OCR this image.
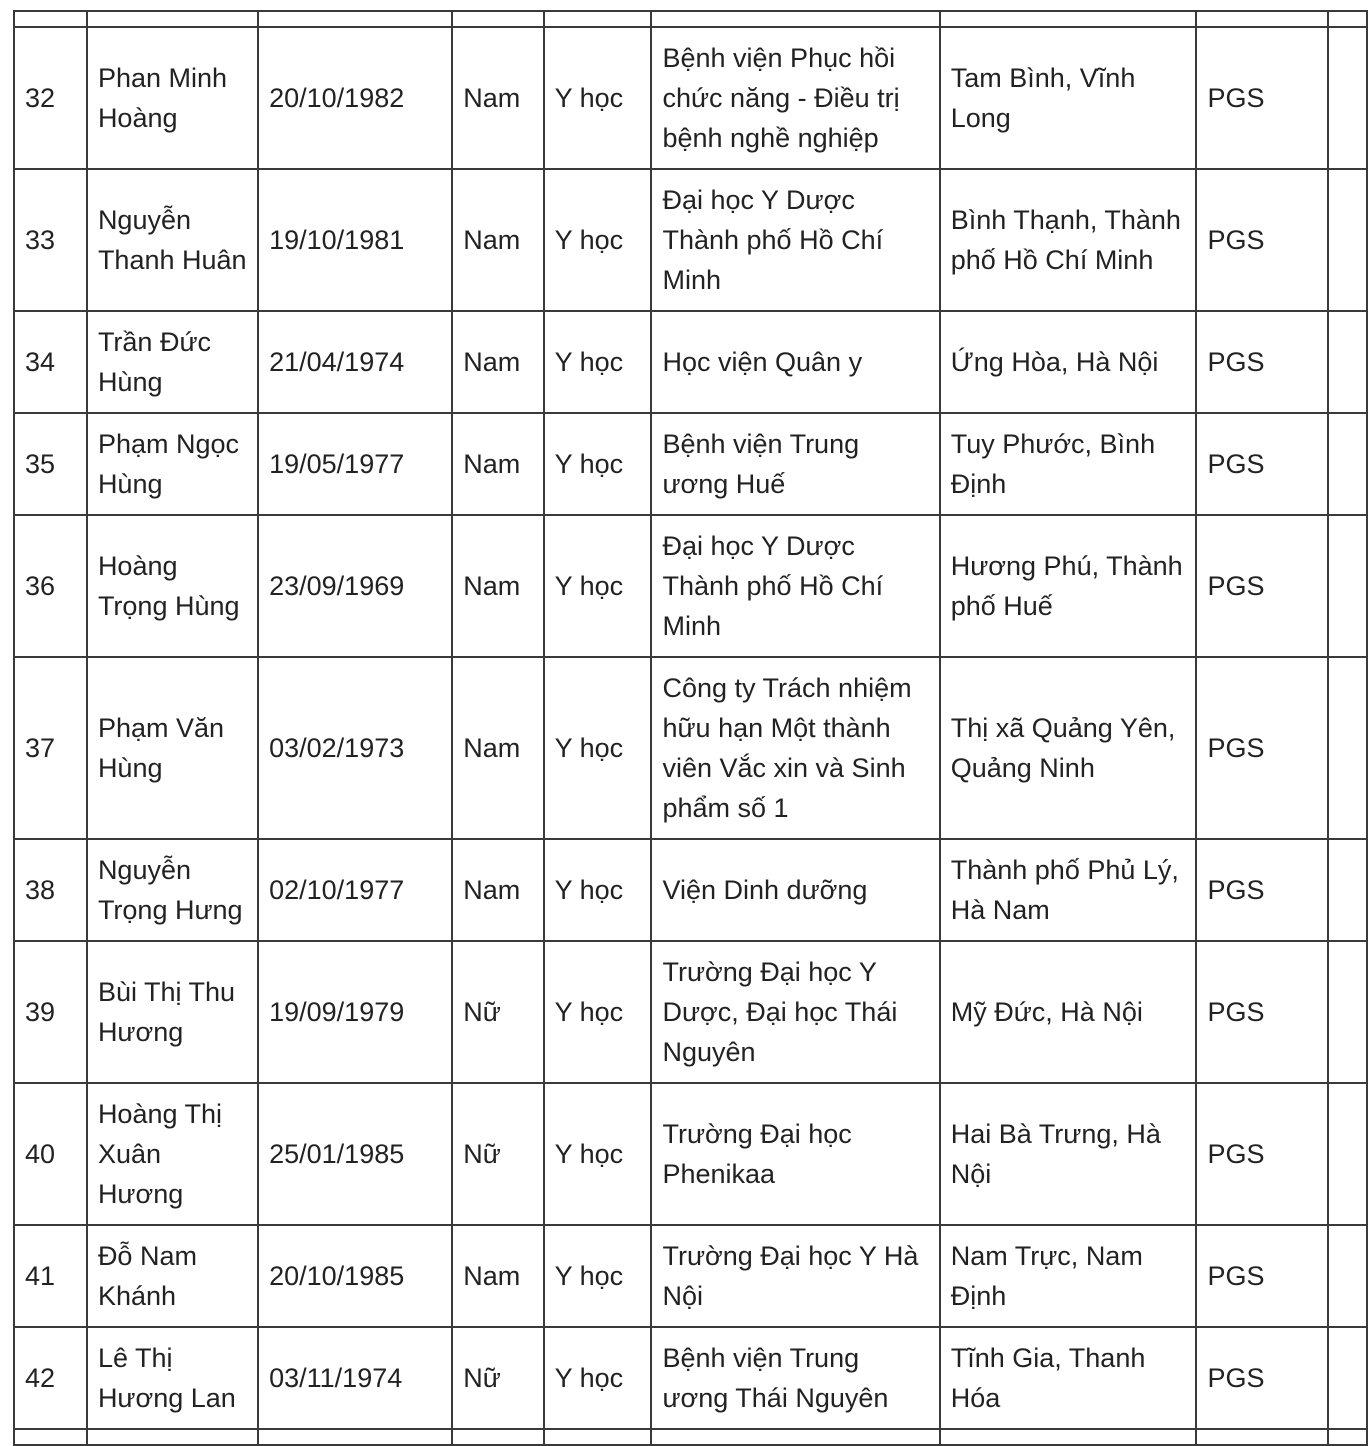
32	Phan Minh Hoàng	20/10/1982	Nam	Y học	Bệnh viện Phục hồi chức năng - Điều trị bệnh nghề nghiệp	Tam Bình, Vĩnh Long	PGS	
33	Nguyễn Thanh Huân	19/10/1981	Nam	Y học	Đại học Y Dược Thành phố Hồ Chí Minh	Bình Thạnh, Thành phố Hồ Chí Minh	PGS	
34	Trần Đức Hùng	21/04/1974	Nam	Y học	Học viện Quân y	Ứng Hòa, Hà Nội	PGS	
35	Phạm Ngọc Hùng	19/05/1977	Nam	Y học	Bệnh viện Trung ương Huế	Tuy Phước, Bình Định	PGS	
36	Hoàng Trọng Hùng	23/09/1969	Nam	Y học	Đại học Y Dược Thành phố Hồ Chí Minh	Hương Phú, Thành phố Huế	PGS	
37	Phạm Văn Hùng	03/02/1973	Nam	Y học	Công ty Trách nhiệm hữu hạn Một thành viên Vắc xin và Sinh phẩm số 1	Thị xã Quảng Yên, Quảng Ninh	PGS	
38	Nguyễn Trọng Hưng	02/10/1977	Nam	Y học	Viện Dinh dưỡng	Thành phố Phủ Lý, Hà Nam	PGS	
39	Bùi Thị Thu Hương	19/09/1979	Nữ	Y học	Trường Đại học Y Dược, Đại học Thái Nguyên	Mỹ Đức, Hà Nội	PGS	
40	Hoàng Thị Xuân Hương	25/01/1985	Nữ	Y học	Trường Đại học Phenikaa	Hai Bà Trưng, Hà Nội	PGS	
41	Đỗ Nam Khánh	20/10/1985	Nam	Y học	Trường Đại học Y Hà Nội	Nam Trực, Nam Định	PGS	
42	Lê Thị Hương Lan	03/11/1974	Nữ	Y học	Bệnh viện Trung ương Thái Nguyên	Tĩnh Gia, Thanh Hóa	PGS	
